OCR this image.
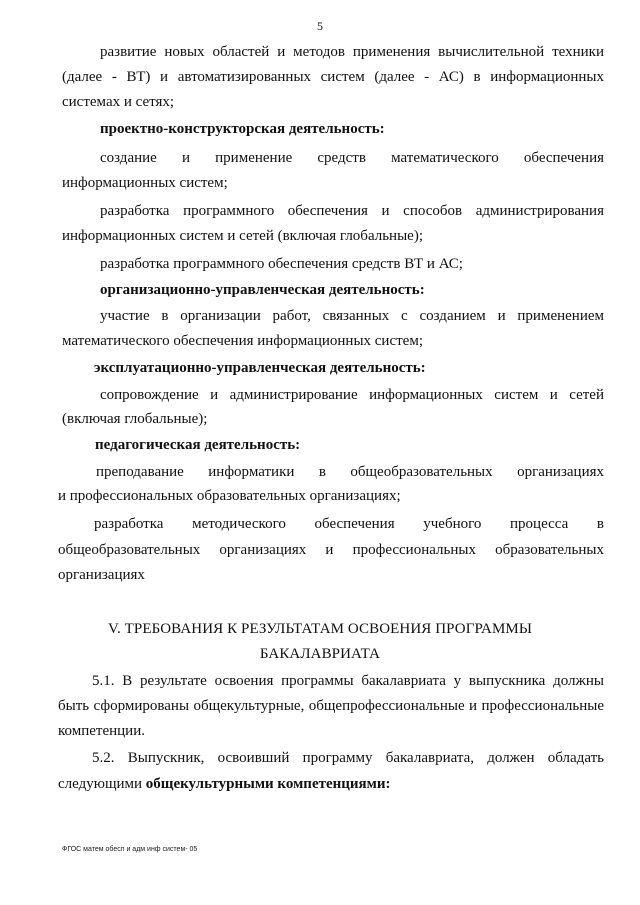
5
развитие новых областей и методов применения вычислительной техники
(далее - ВТ) и автоматизированных систем (далее - АС) в информационных
системах и сетях;
проектно-конструкторская деятельность:
создание и применение средств математического обеспечения
информационных систем;
разработка программного обеспечения и способов администрирования
информационных систем и сетей (включая глобальные);
разработка программного обеспечения средств ВТ и АС;
организационно-управленческая деятельность:
участие в организации работ, связанных с созданием и применением
математического обеспечения информационных систем;
эксплуатационно-управленческая деятельность:
сопровождение и администрирование информационных систем и сетей
(включая глобальные);
педагогическая деятельность:
преподавание информатики в общеобразовательных организациях
и профессиональных образовательных организациях;
разработка методического обеспечения учебного процесса в
общеобразовательных организациях и профессиональных образовательных
организациях
V. ТРЕБОВАНИЯ К РЕЗУЛЬТАТАМ ОСВОЕНИЯ ПРОГРАММЫ
БАКАЛАВРИАТА
5.1. В результате освоения программы бакалавриата у выпускника должны
быть сформированы общекультурные, общепрофессиональные и профессиональные
компетенции.
5.2. Выпускник, освоивший программу бакалавриата, должен обладать
следующими общекультурными компетенциями:
ФГОС матем обесп и адм инф систем- 05
